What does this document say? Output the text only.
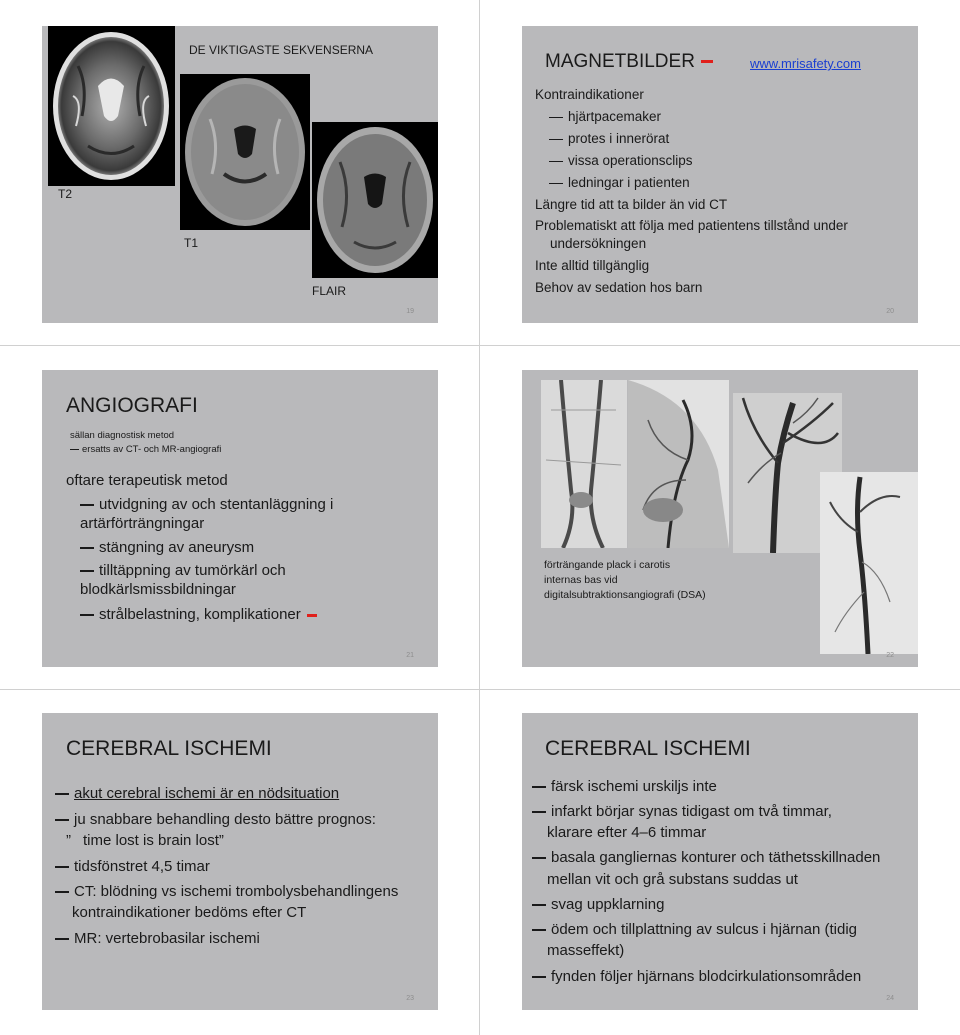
DE VIKTIGASTE SEKVENSERNA
T2
T1
FLAIR
19
MAGNETBILDER	www.mrisafety.com
Kontraindikationer
hjärtpacemaker
protes i innerörat
vissa operationsclips
ledningar i patienten
Längre tid att ta bilder än vid CT
Problematiskt att följa med patientens tillstånd under
undersökningen
Inte alltid tillgänglig
Behov av sedation hos barn
20
ANGIOGRAFI
sällan diagnostisk metod
ersatts av CT- och MR-angiografi
oftare terapeutisk metod
utvidgning av och stentanläggning i
artärförträngningar
stängning av aneurysm
tilltäppning av tumörkärl och
blodkärlsmissbildningar
strålbelastning, komplikationer
21
förträngande plack i carotis
internas bas vid
digitalsubtraktionsangiografi (DSA)
22
CEREBRAL ISCHEMI
akut cerebral ischemi är en nödsituation
ju snabbare behandling desto bättre prognos:
” time lost is brain lost”
tidsfönstret 4,5 timar
CT: blödning vs ischemi trombolysbehandlingens
kontraindikationer bedöms efter CT
MR: vertebrobasilar ischemi
23
CEREBRAL ISCHEMI
färsk ischemi urskiljs inte
infarkt börjar synas tidigast om två timmar,
klarare efter 4–6 timmar
basala gangliernas konturer och täthetsskillnaden
mellan vit och grå substans suddas ut
svag uppklarning
ödem och tillplattning av sulcus i hjärnan (tidig
masseffekt)
fynden följer hjärnans blodcirkulationsområden
24
